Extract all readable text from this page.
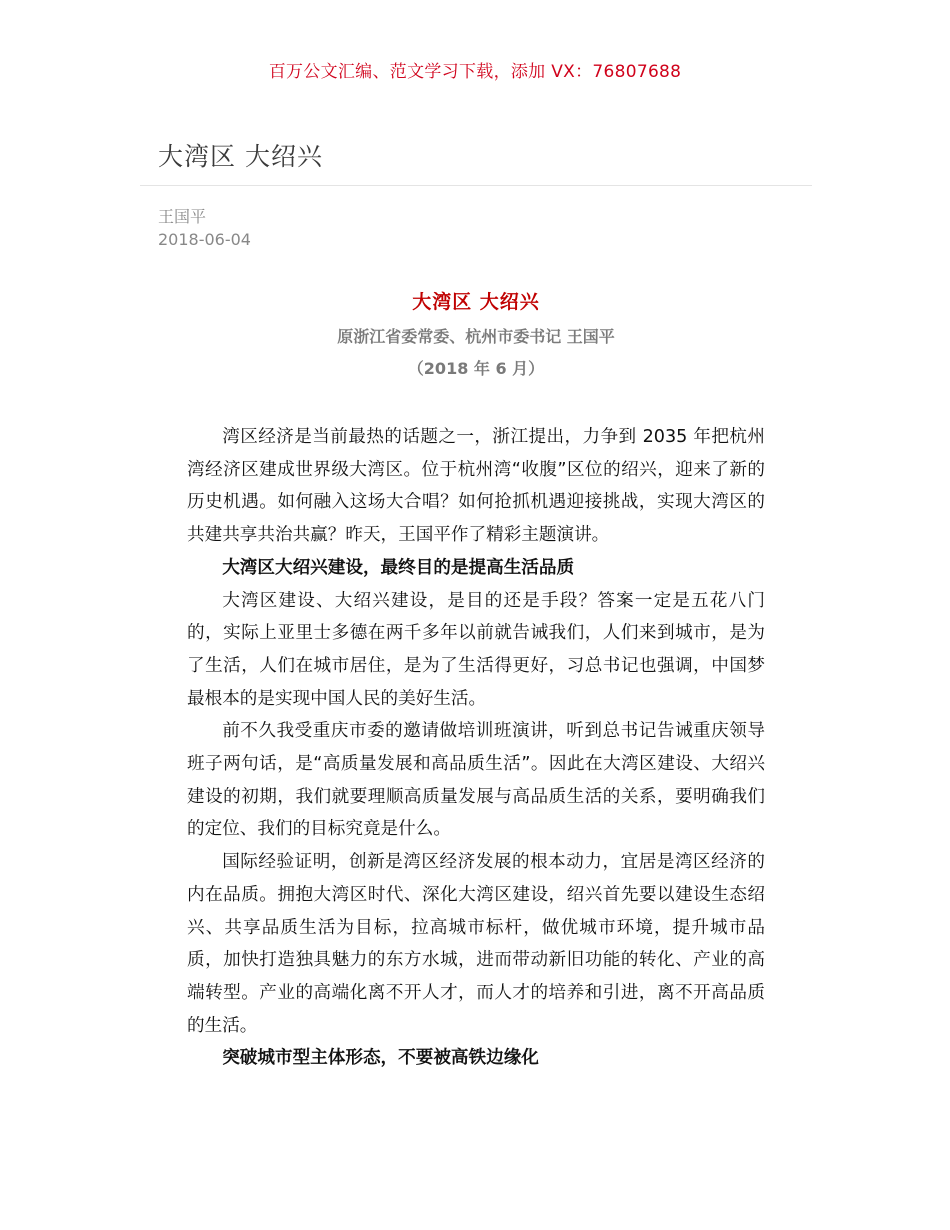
百万公文汇编、范文学习下载，添加 VX：76807688
大湾区 大绍兴
王国平
2018-06-04
大湾区 大绍兴
原浙江省委常委、杭州市委书记 王国平
（2018 年 6 月）

湾区经济是当前最热的话题之一，浙江提出，力争到 2035 年把杭州湾经济区建成世界级大湾区。位于杭州湾“收腹”区位的绍兴，迎来了新的历史机遇。如何融入这场大合唱？如何抢抓机遇迎接挑战，实现大湾区的共建共享共治共赢？昨天，王国平作了精彩主题演讲。

大湾区大绍兴建设，最终目的是提高生活品质

大湾区建设、大绍兴建设，是目的还是手段？答案一定是五花八门的，实际上亚里士多德在两千多年以前就告诫我们，人们来到城市，是为了生活，人们在城市居住，是为了生活得更好，习总书记也强调，中国梦最根本的是实现中国人民的美好生活。

前不久我受重庆市委的邀请做培训班演讲，听到总书记告诫重庆领导班子两句话，是“高质量发展和高品质生活”。因此在大湾区建设、大绍兴建设的初期，我们就要理顺高质量发展与高品质生活的关系，要明确我们的定位、我们的目标究竟是什么。

国际经验证明，创新是湾区经济发展的根本动力，宜居是湾区经济的内在品质。拥抱大湾区时代、深化大湾区建设，绍兴首先要以建设生态绍兴、共享品质生活为目标，拉高城市标杆，做优城市环境，提升城市品质，加快打造独具魅力的东方水城，进而带动新旧功能的转化、产业的高端转型。产业的高端化离不开人才，而人才的培养和引进，离不开高品质的生活。

突破城市型主体形态，不要被高铁边缘化
